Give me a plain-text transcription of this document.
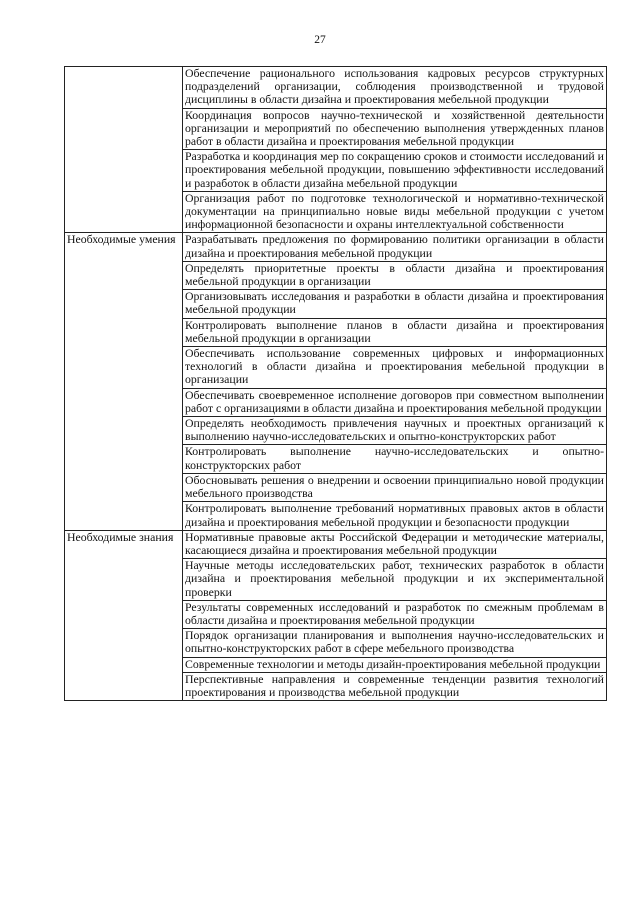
27
	Обеспечение рационального использования кадровых ресурсов структурных подразделений организации, соблюдения производственной и трудовой дисциплины в области дизайна и проектирования мебельной продукции
	Координация вопросов научно-технической и хозяйственной деятельности организации и мероприятий по обеспечению выполнения утвержденных планов работ в области дизайна и проектирования мебельной продукции
	Разработка и координация мер по сокращению сроков и стоимости исследований и проектирования мебельной продукции, повышению эффективности исследований и разработок в области дизайна мебельной продукции
	Организация работ по подготовке технологической и нормативно-технической документации на принципиально новые виды мебельной продукции с учетом информационной безопасности и охраны интеллектуальной собственности
Необходимые умения	Разрабатывать предложения по формированию политики организации в области дизайна и проектирования мебельной продукции
	Определять приоритетные проекты в области дизайна и проектирования мебельной продукции в организации
	Организовывать исследования и разработки в области дизайна и проектирования мебельной продукции
	Контролировать выполнение планов в области дизайна и проектирования мебельной продукции в организации
	Обеспечивать использование современных цифровых и информационных технологий в области дизайна и проектирования мебельной продукции в организации
	Обеспечивать своевременное исполнение договоров при совместном выполнении работ с организациями в области дизайна и проектирования мебельной продукции
	Определять необходимость привлечения научных и проектных организаций к выполнению научно-исследовательских и опытно-конструкторских работ
	Контролировать выполнение научно-исследовательских и опытно-конструкторских работ
	Обосновывать решения о внедрении и освоении принципиально новой продукции мебельного производства
	Контролировать выполнение требований нормативных правовых актов в области дизайна и проектирования мебельной продукции и безопасности продукции
Необходимые знания	Нормативные правовые акты Российской Федерации и методические материалы, касающиеся дизайна и проектирования мебельной продукции
	Научные методы исследовательских работ, технических разработок в области дизайна и проектирования мебельной продукции и их экспериментальной проверки
	Результаты современных исследований и разработок по смежным проблемам в области дизайна и проектирования мебельной продукции
	Порядок организации планирования и выполнения научно-исследовательских и опытно-конструкторских работ в сфере мебельного производства
	Современные технологии и методы дизайн-проектирования мебельной продукции
	Перспективные направления и современные тенденции развития технологий проектирования и производства мебельной продукции
